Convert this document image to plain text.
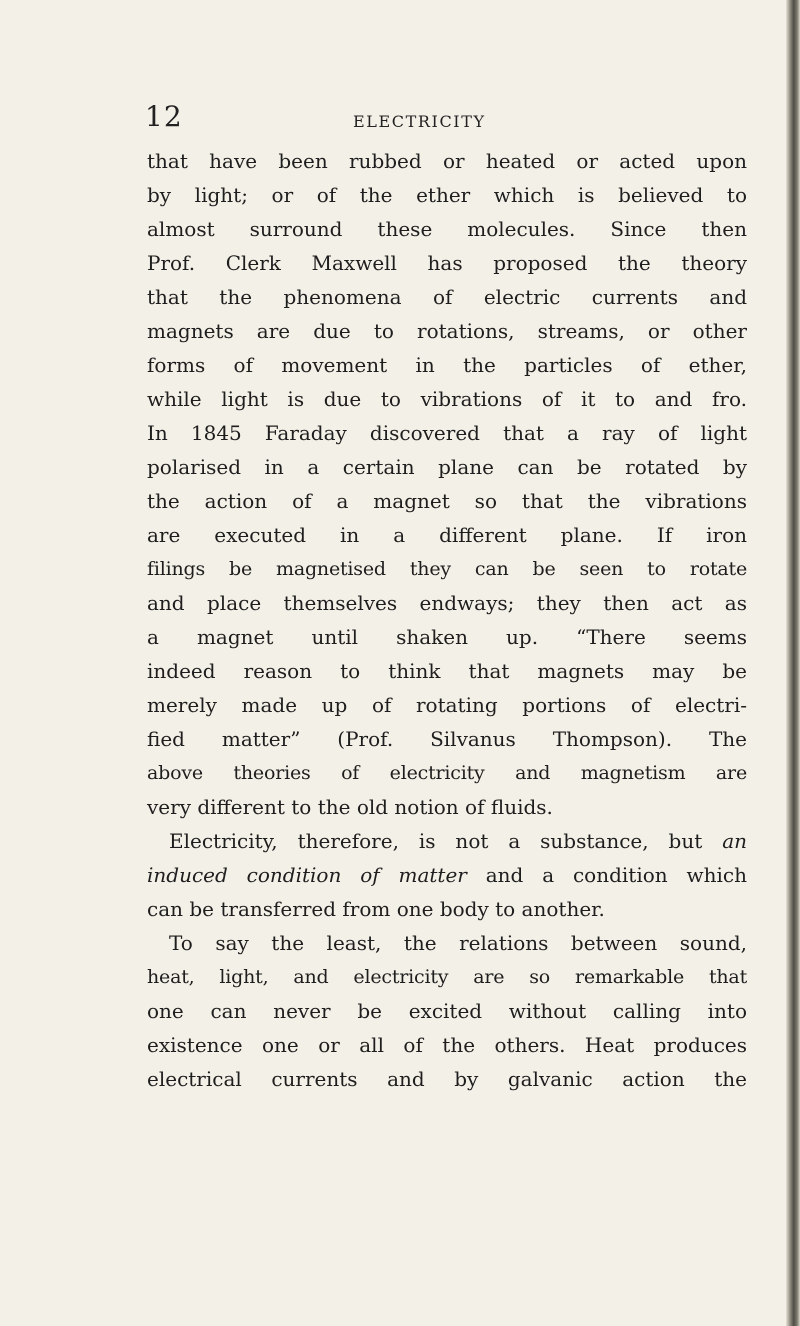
12	ELECTRICITY
that have been rubbed or heated or acted upon
by light; or of the ether which is believed to
almost surround these molecules. Since then
Prof. Clerk Maxwell has proposed the theory
that the phenomena of electric currents and
magnets are due to rotations, streams, or other
forms of movement in the particles of ether,
while light is due to vibrations of it to and fro.
In 1845 Faraday discovered that a ray of light
polarised in a certain plane can be rotated by
the action of a magnet so that the vibrations
are executed in a different plane. If iron
filings be magnetised they can be seen to rotate
and place themselves endways; they then act as
a magnet until shaken up. “There seems
indeed reason to think that magnets may be
merely made up of rotating portions of electri-
fied matter” (Prof. Silvanus Thompson). The
above theories of electricity and magnetism are
very different to the old notion of fluids.
Electricity, therefore, is not a substance, but an
induced condition of matter and a condition which
can be transferred from one body to another.
To say the least, the relations between sound,
heat, light, and electricity are so remarkable that
one can never be excited without calling into
existence one or all of the others. Heat produces
electrical currents and by galvanic action the
